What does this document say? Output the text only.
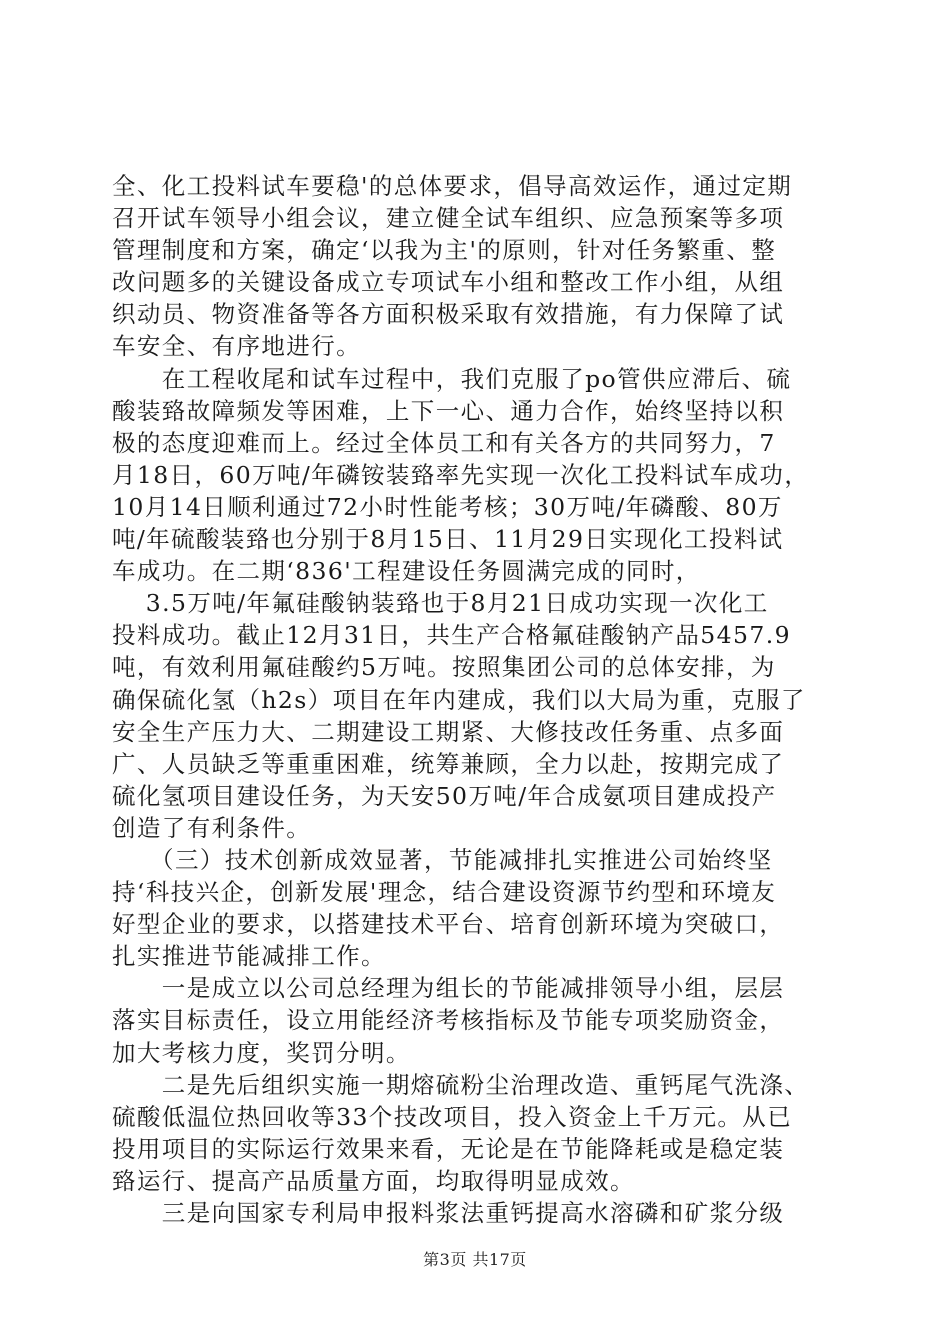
全、化工投料试车要稳'的总体要求，倡导高效运作，通过定期
召开试车领导小组会议，建立健全试车组织、应急预案等多项
管理制度和方案，确定‘以我为主'的原则，针对任务繁重、整
改问题多的关键设备成立专项试车小组和整改工作小组，从组
织动员、物资准备等各方面积极采取有效措施，有力保障了试
车安全、有序地进行。

　　在工程收尾和试车过程中，我们克服了po管供应滞后、硫
酸装臵故障频发等困难，上下一心、通力合作，始终坚持以积
极的态度迎难而上。经过全体员工和有关各方的共同努力，7
月18日，60万吨/年磷铵装臵率先实现一次化工投料试车成功，
10月14日顺利通过72小时性能考核；30万吨/年磷酸、80万
吨/年硫酸装臵也分别于8月15日、11月29日实现化工投料试
车成功。在二期‘836'工程建设任务圆满完成的同时，

　 3.5万吨/年氟硅酸钠装臵也于8月21日成功实现一次化工
投料成功。截止12月31日，共生产合格氟硅酸钠产品5457.9
吨，有效利用氟硅酸约5万吨。按照集团公司的总体安排，为
确保硫化氢（h2s）项目在年内建成，我们以大局为重，克服了
安全生产压力大、二期建设工期紧、大修技改任务重、点多面
广、人员缺乏等重重困难，统筹兼顾，全力以赴，按期完成了
硫化氢项目建设任务，为天安50万吨/年合成氨项目建成投产
创造了有利条件。

　　（三）技术创新成效显著，节能减排扎实推进公司始终坚
持‘科技兴企，创新发展'理念，结合建设资源节约型和环境友
好型企业的要求，以搭建技术平台、培育创新环境为突破口，
扎实推进节能减排工作。

　　一是成立以公司总经理为组长的节能减排领导小组，层层
落实目标责任，设立用能经济考核指标及节能专项奖励资金，
加大考核力度，奖罚分明。

　　二是先后组织实施一期熔硫粉尘治理改造、重钙尾气洗涤、
硫酸低温位热回收等33个技改项目，投入资金上千万元。从已
投用项目的实际运行效果来看，无论是在节能降耗或是稳定装
臵运行、提高产品质量方面，均取得明显成效。

　　三是向国家专利局申报料浆法重钙提高水溶磷和矿浆分级

第3页 共17页
